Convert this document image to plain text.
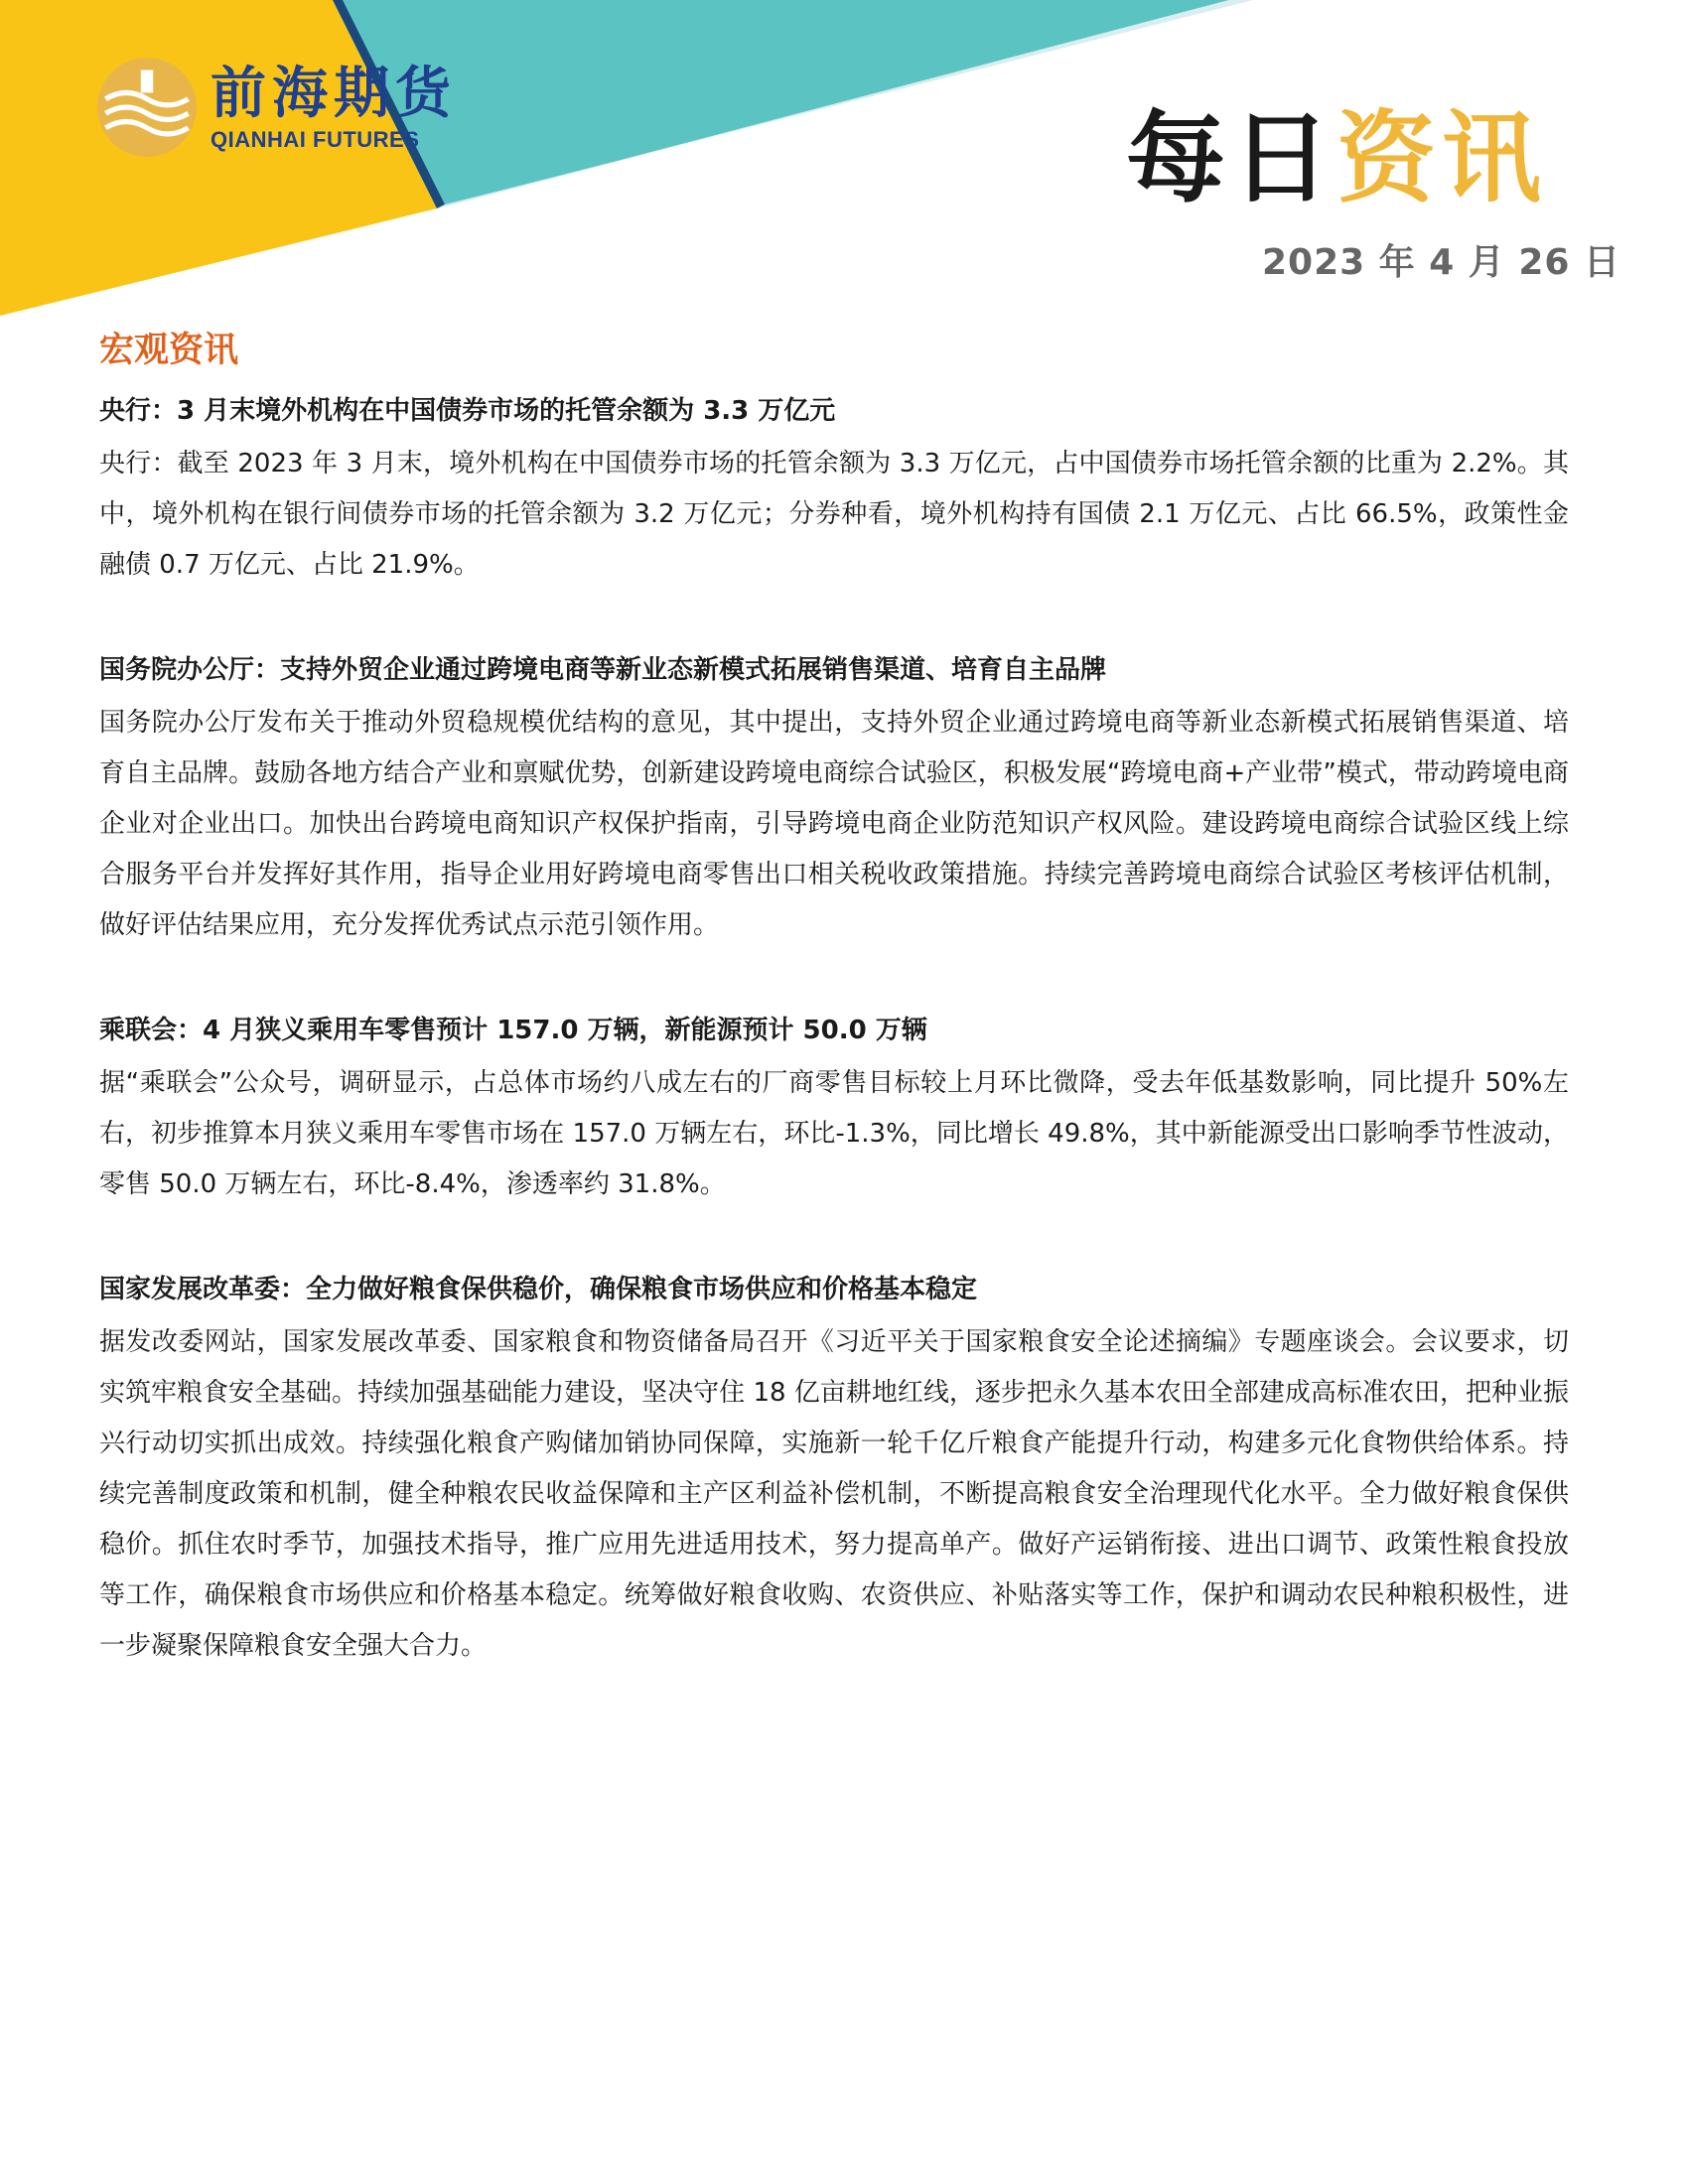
前海期货
QIANHAI FUTURES	每日资讯
2023 年 4 月 26 日
宏观资讯
央行：3 月末境外机构在中国债券市场的托管余额为 3.3 万亿元

央行：截至 2023 年 3 月末，境外机构在中国债券市场的托管余额为 3.3 万亿元，占中国债券市场托管余额的比重为 2.2%。其中，境外机构在银行间债券市场的托管余额为 3.2 万亿元；分券种看，境外机构持有国债 2.1 万亿元、占比 66.5%，政策性金融债 0.7 万亿元、占比 21.9%。

国务院办公厅：支持外贸企业通过跨境电商等新业态新模式拓展销售渠道、培育自主品牌

国务院办公厅发布关于推动外贸稳规模优结构的意见，其中提出，支持外贸企业通过跨境电商等新业态新模式拓展销售渠道、培育自主品牌。鼓励各地方结合产业和禀赋优势，创新建设跨境电商综合试验区，积极发展“跨境电商+产业带”模式，带动跨境电商企业对企业出口。加快出台跨境电商知识产权保护指南，引导跨境电商企业防范知识产权风险。建设跨境电商综合试验区线上综合服务平台并发挥好其作用，指导企业用好跨境电商零售出口相关税收政策措施。持续完善跨境电商综合试验区考核评估机制，做好评估结果应用，充分发挥优秀试点示范引领作用。

乘联会：4 月狭义乘用车零售预计 157.0 万辆，新能源预计 50.0 万辆

据“乘联会”公众号，调研显示，占总体市场约八成左右的厂商零售目标较上月环比微降，受去年低基数影响，同比提升 50%左右，初步推算本月狭义乘用车零售市场在 157.0 万辆左右，环比-1.3%，同比增长 49.8%，其中新能源受出口影响季节性波动，零售 50.0 万辆左右，环比-8.4%，渗透率约 31.8%。

国家发展改革委：全力做好粮食保供稳价，确保粮食市场供应和价格基本稳定

据发改委网站，国家发展改革委、国家粮食和物资储备局召开《习近平关于国家粮食安全论述摘编》专题座谈会。会议要求，切实筑牢粮食安全基础。持续加强基础能力建设，坚决守住 18 亿亩耕地红线，逐步把永久基本农田全部建成高标准农田，把种业振兴行动切实抓出成效。持续强化粮食产购储加销协同保障，实施新一轮千亿斤粮食产能提升行动，构建多元化食物供给体系。持续完善制度政策和机制，健全种粮农民收益保障和主产区利益补偿机制，不断提高粮食安全治理现代化水平。全力做好粮食保供稳价。抓住农时季节，加强技术指导，推广应用先进适用技术，努力提高单产。做好产运销衔接、进出口调节、政策性粮食投放等工作，确保粮食市场供应和价格基本稳定。统筹做好粮食收购、农资供应、补贴落实等工作，保护和调动农民种粮积极性，进一步凝聚保障粮食安全强大合力。
